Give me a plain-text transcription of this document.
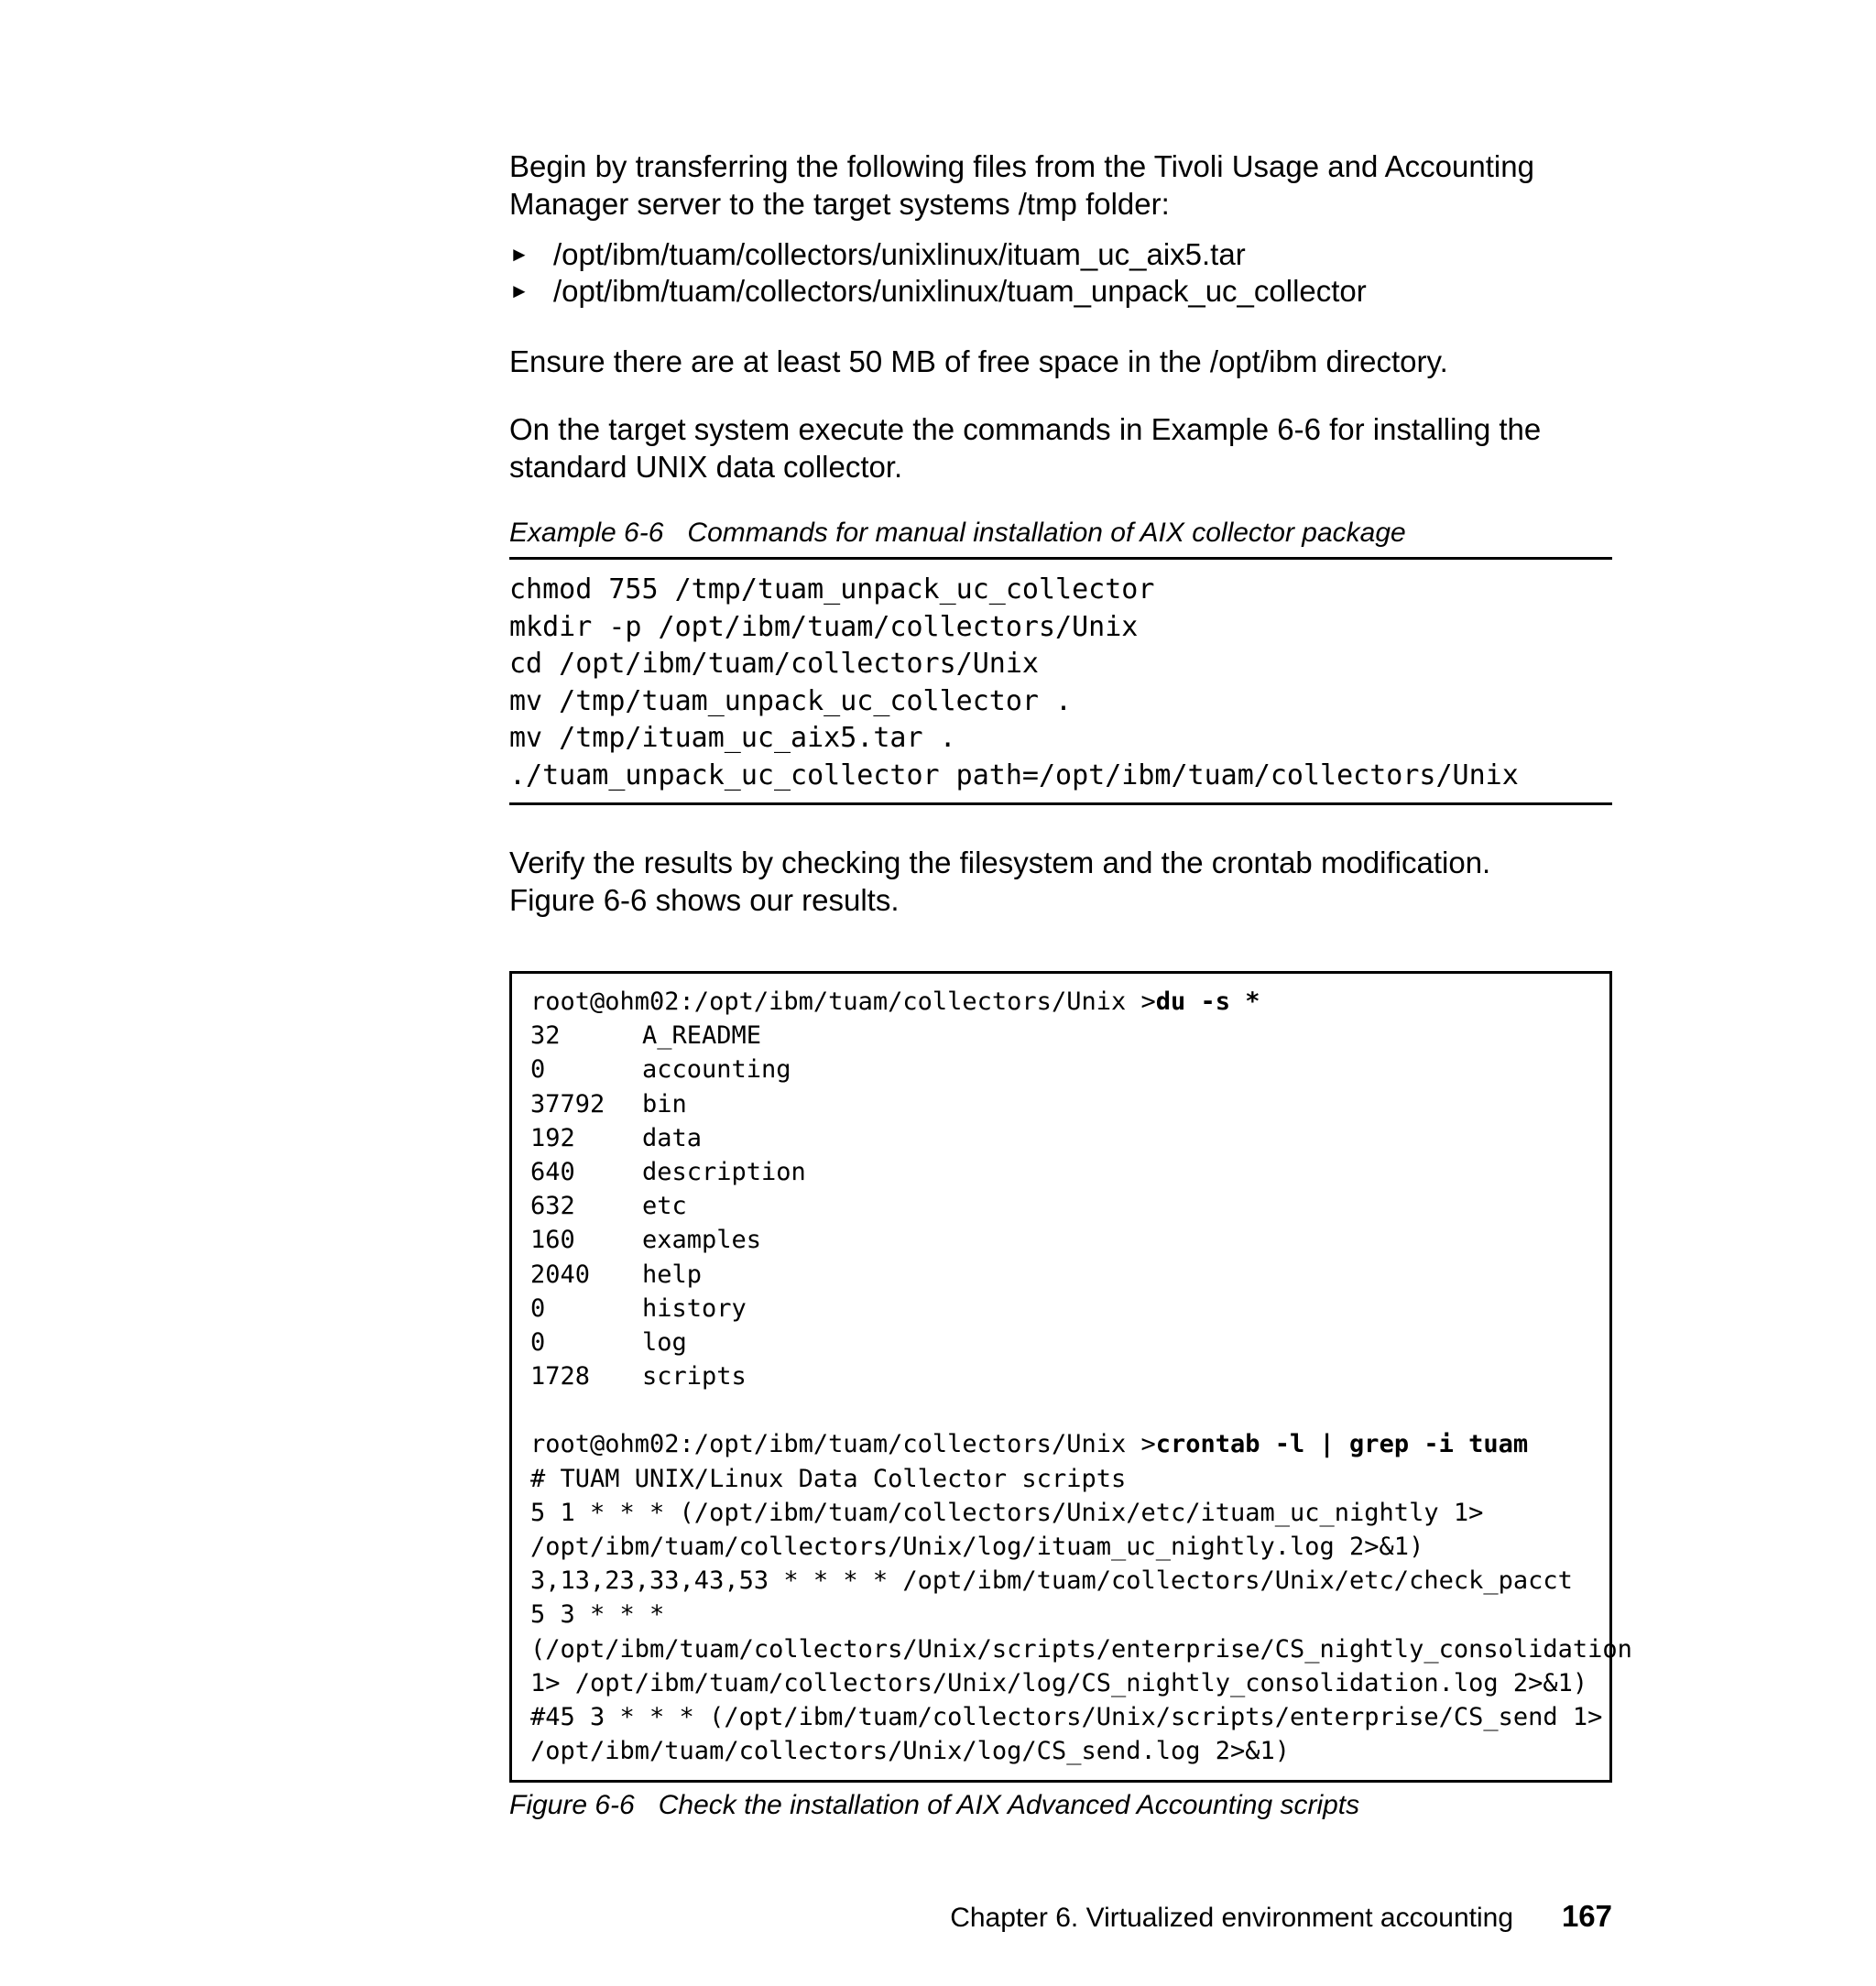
Begin by transferring the following files from the Tivoli Usage and Accounting
Manager server to the target systems /tmp folder:

► /opt/ibm/tuam/collectors/unixlinux/ituam_uc_aix5.tar
► /opt/ibm/tuam/collectors/unixlinux/tuam_unpack_uc_collector

Ensure there are at least 50 MB of free space in the /opt/ibm directory.

On the target system execute the commands in Example 6-6 for installing the
standard UNIX data collector.

Example 6-6 Commands for manual installation of AIX collector package

chmod 755 /tmp/tuam_unpack_uc_collector
mkdir -p /opt/ibm/tuam/collectors/Unix
cd /opt/ibm/tuam/collectors/Unix
mv /tmp/tuam_unpack_uc_collector .
mv /tmp/ituam_uc_aix5.tar .
./tuam_unpack_uc_collector path=/opt/ibm/tuam/collectors/Unix

Verify the results by checking the filesystem and the crontab modification.
Figure 6-6 shows our results.

root@ohm02:/opt/ibm/tuam/collectors/Unix >du -s *
32	A_README
0	accounting
37792 bin
192	data
640	description
632	etc
160	examples
2040 help
0	history
0	log
1728 scripts
root@ohm02:/opt/ibm/tuam/collectors/Unix >crontab -l | grep -i tuam
# TUAM UNIX/Linux Data Collector scripts
5 1 * * * (/opt/ibm/tuam/collectors/Unix/etc/ituam_uc_nightly 1>
/opt/ibm/tuam/collectors/Unix/log/ituam_uc_nightly.log 2>&1)
3,13,23,33,43,53 * * * * /opt/ibm/tuam/collectors/Unix/etc/check_pacct
5 3 * * *
(/opt/ibm/tuam/collectors/Unix/scripts/enterprise/CS_nightly_consolidation
1> /opt/ibm/tuam/collectors/Unix/log/CS_nightly_consolidation.log 2>&1)
#45 3 * * * (/opt/ibm/tuam/collectors/Unix/scripts/enterprise/CS_send 1>
/opt/ibm/tuam/collectors/Unix/log/CS_send.log 2>&1)

Figure 6-6 Check the installation of AIX Advanced Accounting scripts

Chapter 6. Virtualized environment accounting 167
